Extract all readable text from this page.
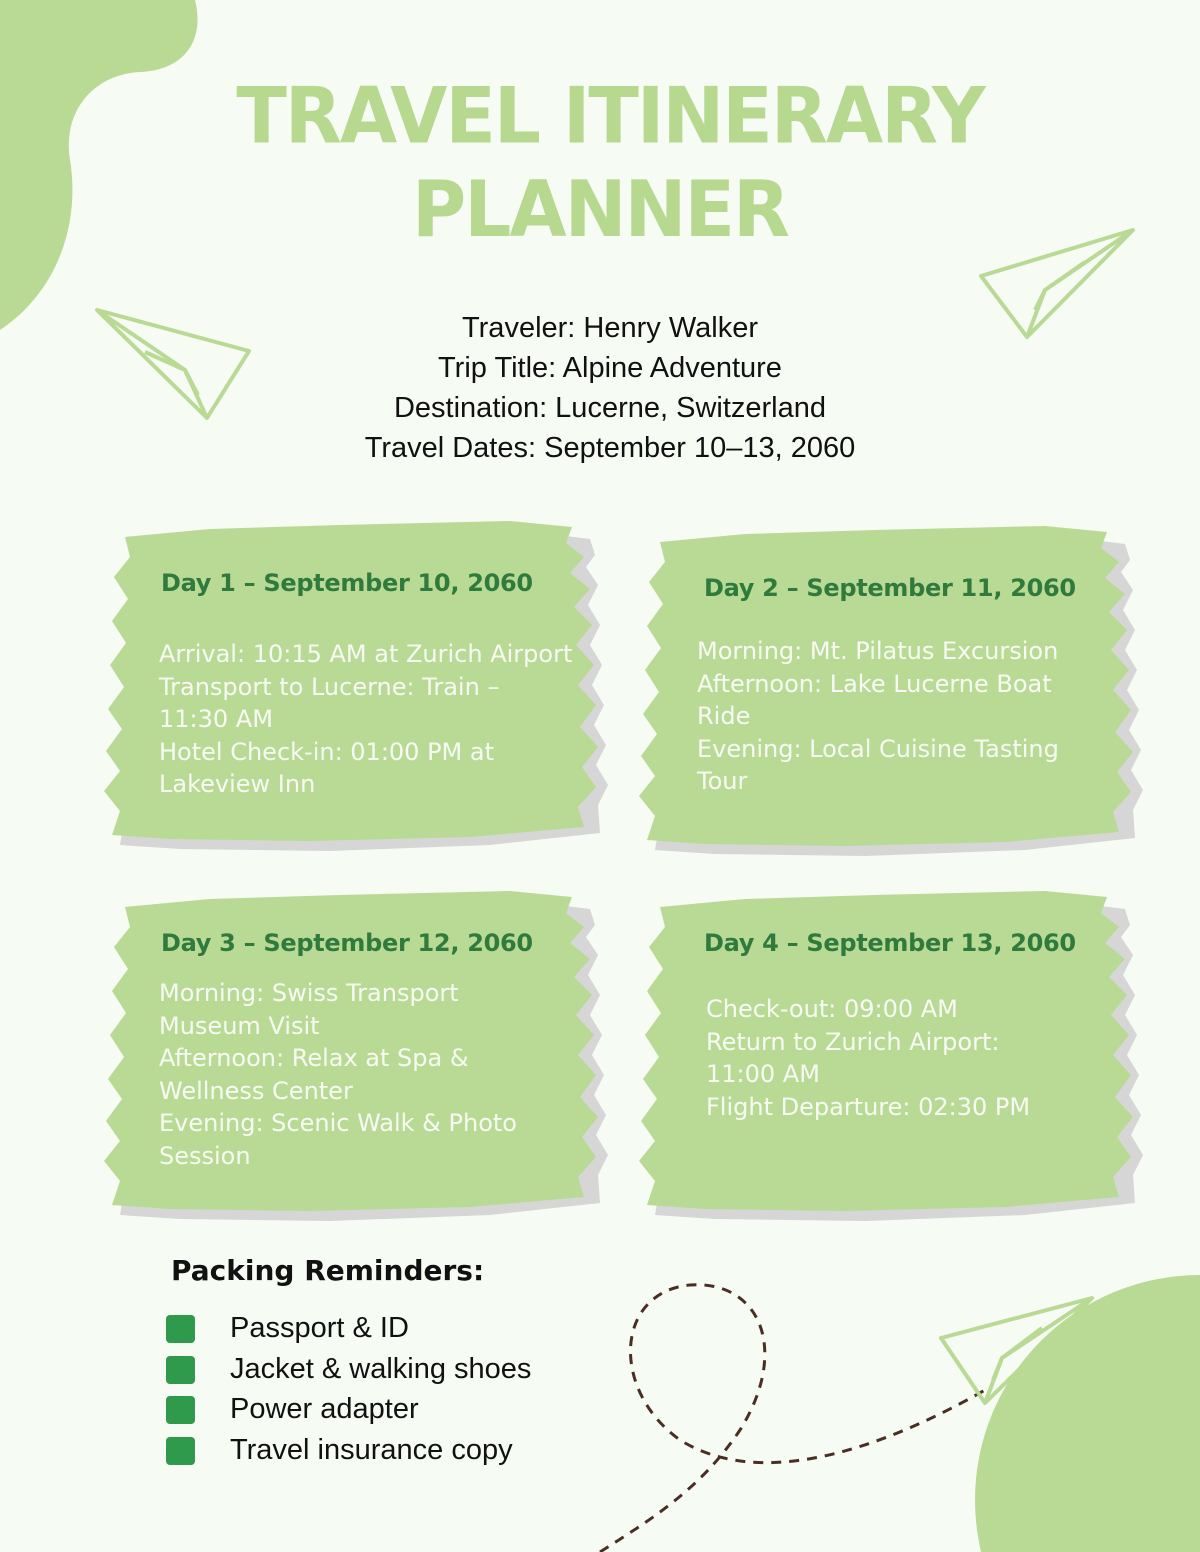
TRAVEL ITINERARY
PLANNER
Traveler: Henry Walker
Trip Title: Alpine Adventure
Destination: Lucerne, Switzerland
Travel Dates: September 10–13, 2060
Day 1 – September 10, 2060
Arrival: 10:15 AM at Zurich Airport
Transport to Lucerne: Train –
11:30 AM
Hotel Check-in: 01:00 PM at
Lakeview Inn
Day 2 – September 11, 2060
Morning: Mt. Pilatus Excursion
Afternoon: Lake Lucerne Boat
Ride
Evening: Local Cuisine Tasting
Tour
Day 3 – September 12, 2060
Morning: Swiss Transport
Museum Visit
Afternoon: Relax at Spa &
Wellness Center
Evening: Scenic Walk & Photo
Session
Day 4 – September 13, 2060
Check-out: 09:00 AM
Return to Zurich Airport:
11:00 AM
Flight Departure: 02:30 PM
Packing Reminders:
Passport & ID
Jacket & walking shoes
Power adapter
Travel insurance copy
